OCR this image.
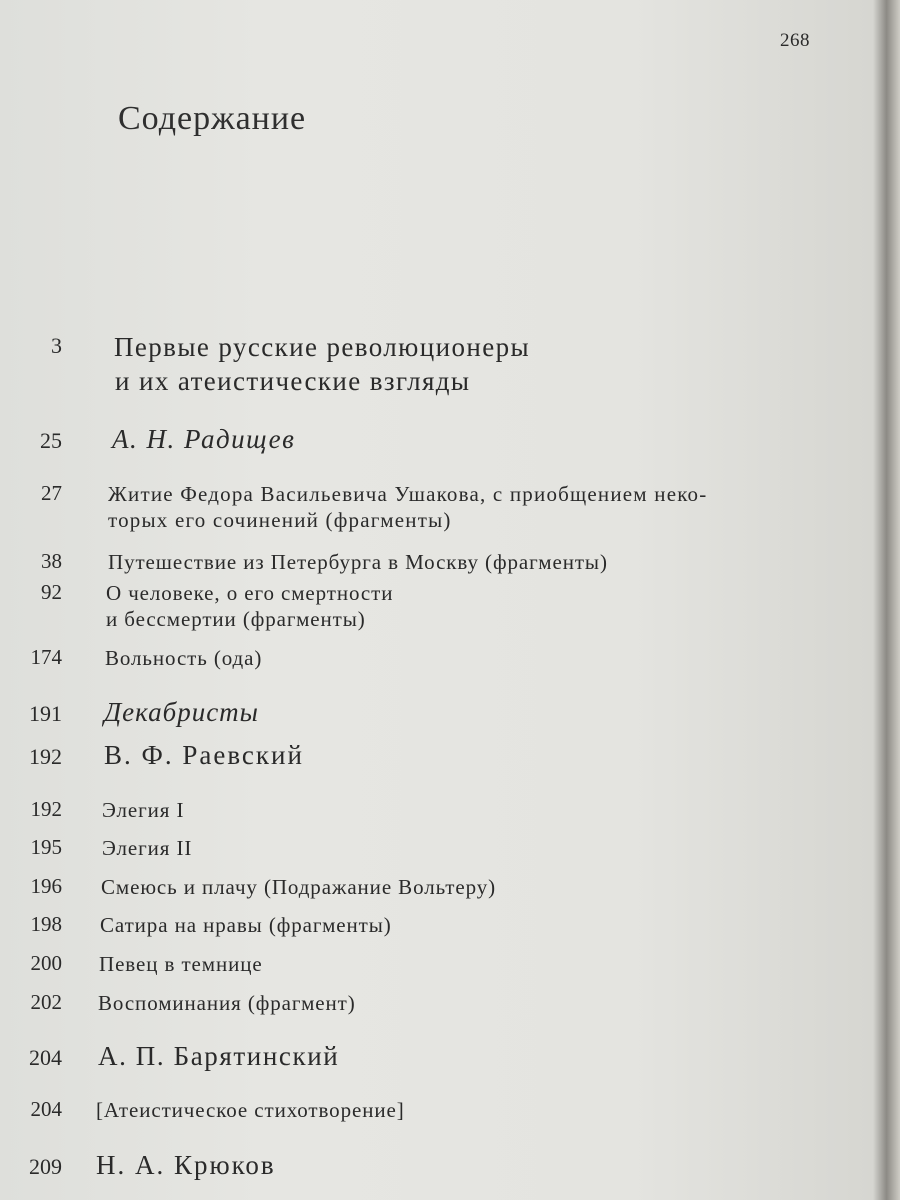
268
Содержание
3 Первые русские революционеры
и их атеистические взгляды
25 А. Н. Радищев
27 Житие Федора Васильевича Ушакова, с приобщением неко-
торых его сочинений (фрагменты)
38 Путешествие из Петербурга в Москву (фрагменты)
92 О человеке, о его смертности
и бессмертии (фрагменты)
174 Вольность (ода)
191 Декабристы
192 В. Ф. Раевский
192 Элегия I
195 Элегия II
196 Смеюсь и плачу (Подражание Вольтеру)
198 Сатира на нравы (фрагменты)
200 Певец в темнице
202 Воспоминания (фрагмент)
204 А. П. Барятинский
204 [Атеистическое стихотворение]
209 Н. А. Крюков
